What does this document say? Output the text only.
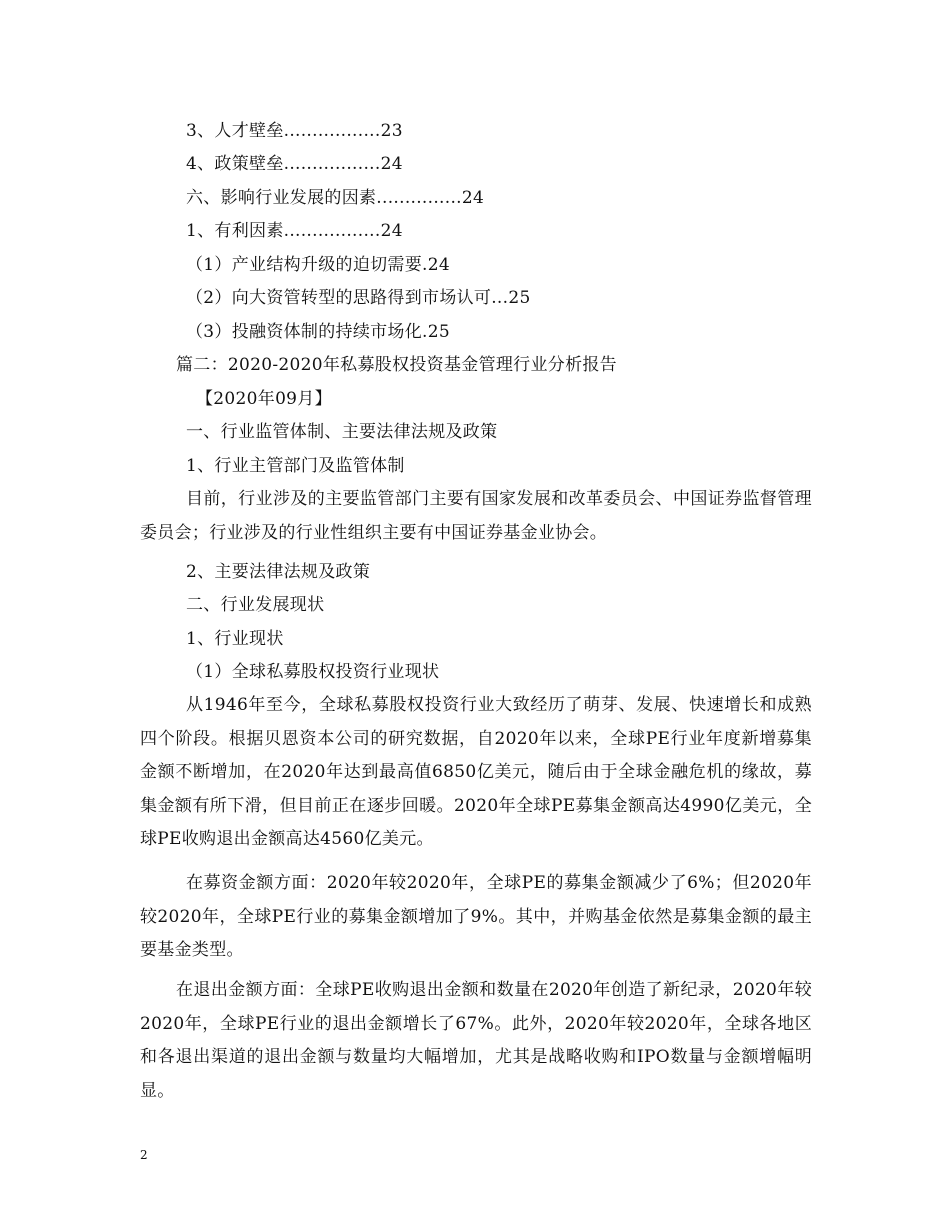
3、人才壁垒.................23
4、政策壁垒.................24
六、影响行业发展的因素...............24
1、有利因素.................24
（1）产业结构升级的迫切需要.24
（2）向大资管转型的思路得到市场认可...25
（3）投融资体制的持续市场化.25
篇二：2020-2020年私募股权投资基金管理行业分析报告
【2020年09月】
一、行业监管体制、主要法律法规及政策
1、行业主管部门及监管体制
目前，行业涉及的主要监管部门主要有国家发展和改革委员会、中国证券监督管理委员会；行业涉及的行业性组织主要有中国证券基金业协会。
2、主要法律法规及政策
二、行业发展现状
1、行业现状
（1）全球私募股权投资行业现状
从1946年至今，全球私募股权投资行业大致经历了萌芽、发展、快速增长和成熟四个阶段。根据贝恩资本公司的研究数据，自2020年以来，全球PE行业年度新增募集金额不断增加，在2020年达到最高值6850亿美元，随后由于全球金融危机的缘故，募集金额有所下滑，但目前正在逐步回暖。2020年全球PE募集金额高达4990亿美元，全球PE收购退出金额高达4560亿美元。
在募资金额方面：2020年较2020年，全球PE的募集金额减少了6%；但2020年较2020年，全球PE行业的募集金额增加了9%。其中，并购基金依然是募集金额的最主要基金类型。
在退出金额方面：全球PE收购退出金额和数量在2020年创造了新纪录，2020年较2020年，全球PE行业的退出金额增长了67%。此外，2020年较2020年，全球各地区和各退出渠道的退出金额与数量均大幅增加，尤其是战略收购和IPO数量与金额增幅明显。
2
